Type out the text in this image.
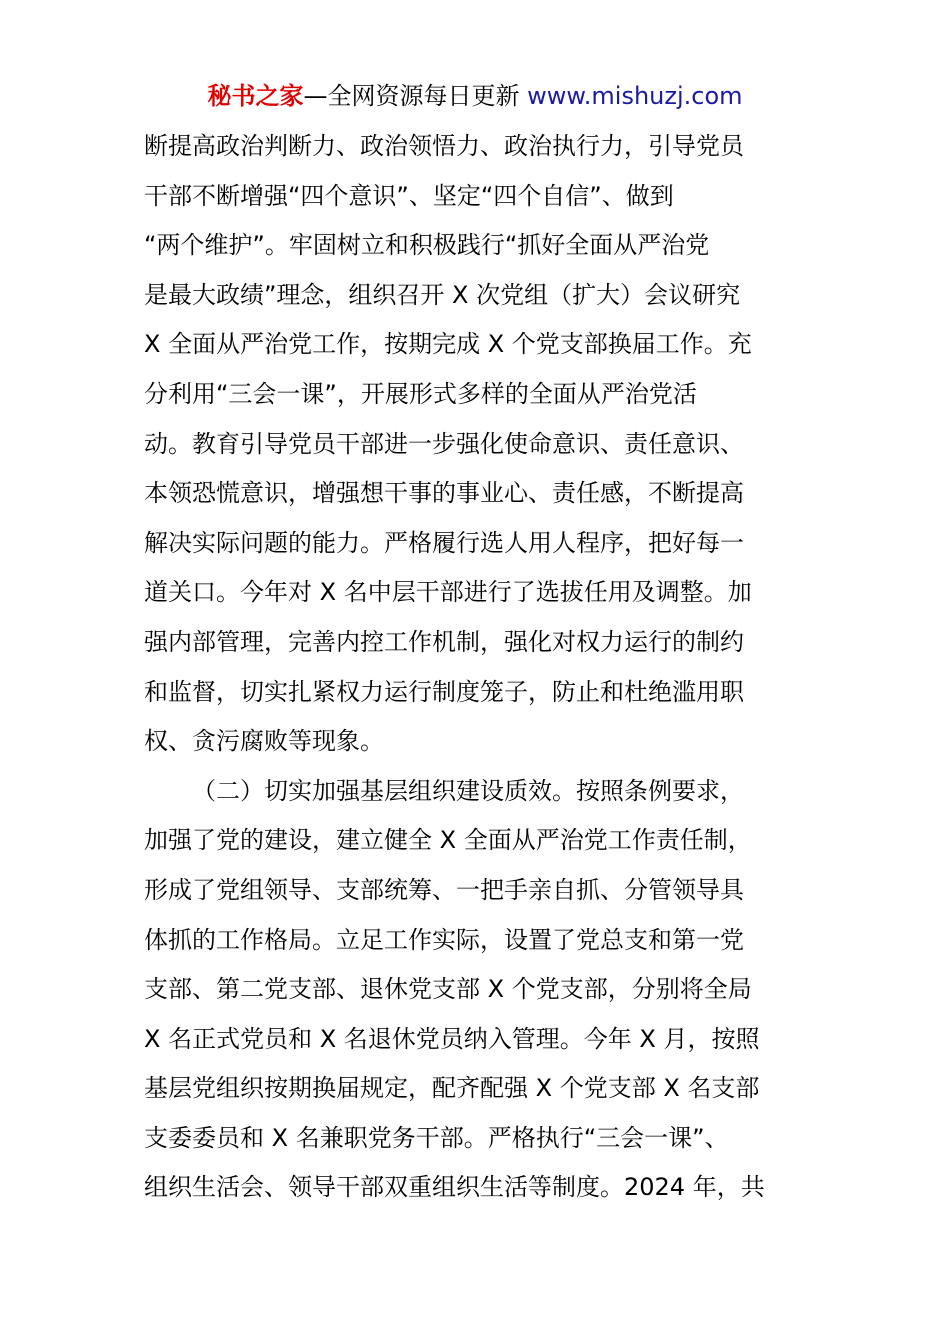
秘书之家—全网资源每日更新 www.mishuzj.com
断提高政治判断力、政治领悟力、政治执行力，引导党员
干部不断增强“四个意识”、坚定“四个自信”、做到
“两个维护”。牢固树立和积极践行“抓好全面从严治党
是最大政绩”理念，组织召开 X 次党组（扩大）会议研究
X 全面从严治党工作，按期完成 X 个党支部换届工作。充
分利用“三会一课”，开展形式多样的全面从严治党活
动。教育引导党员干部进一步强化使命意识、责任意识、
本领恐慌意识，增强想干事的事业心、责任感，不断提高
解决实际问题的能力。严格履行选人用人程序，把好每一
道关口。今年对 X 名中层干部进行了选拔任用及调整。加
强内部管理，完善内控工作机制，强化对权力运行的制约
和监督，切实扎紧权力运行制度笼子，防止和杜绝滥用职
权、贪污腐败等现象。
（二）切实加强基层组织建设质效。按照条例要求，
加强了党的建设，建立健全 X 全面从严治党工作责任制，
形成了党组领导、支部统筹、一把手亲自抓、分管领导具
体抓的工作格局。立足工作实际，设置了党总支和第一党
支部、第二党支部、退休党支部 X 个党支部，分别将全局
X 名正式党员和 X 名退休党员纳入管理。今年 X 月，按照
基层党组织按期换届规定，配齐配强 X 个党支部 X 名支部
支委委员和 X 名兼职党务干部。严格执行“三会一课”、
组织生活会、领导干部双重组织生活等制度。2024 年，共
